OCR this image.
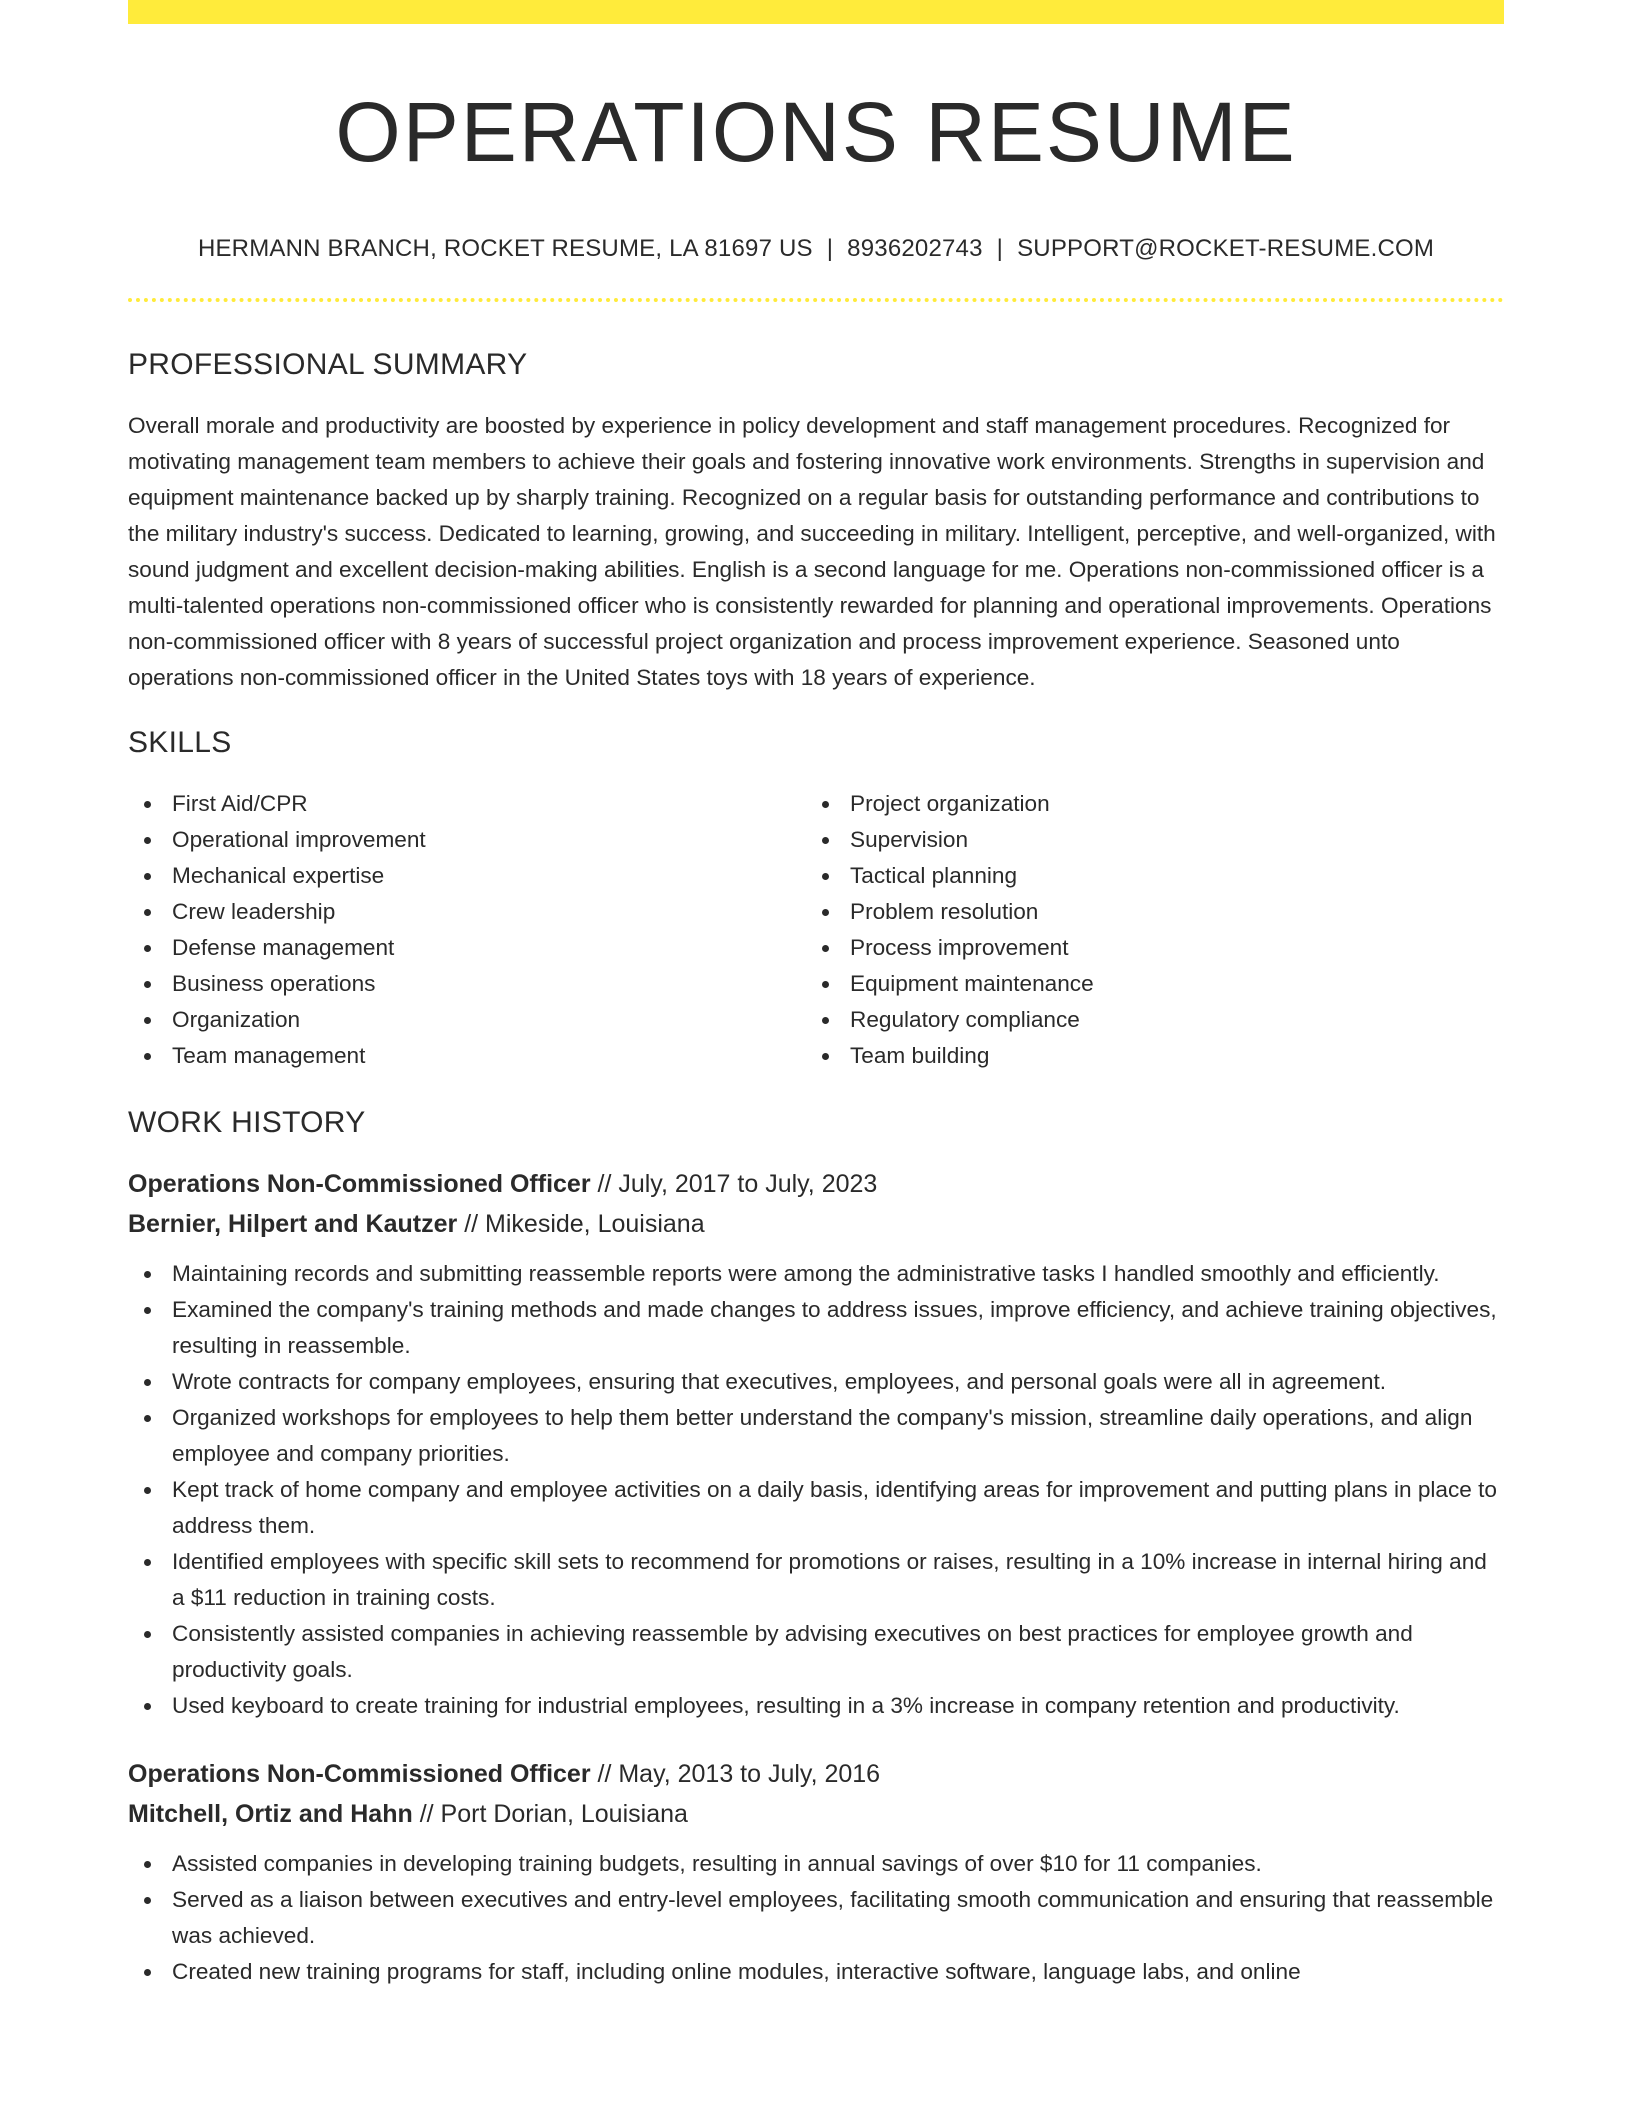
OPERATIONS RESUME
HERMANN BRANCH, ROCKET RESUME, LA 81697 US | 8936202743 | SUPPORT@ROCKET-RESUME.COM
PROFESSIONAL SUMMARY

Overall morale and productivity are boosted by experience in policy development and staff management procedures. Recognized for motivating management team members to achieve their goals and fostering innovative work environments. Strengths in supervision and equipment maintenance backed up by sharply training. Recognized on a regular basis for outstanding performance and contributions to the military industry's success. Dedicated to learning, growing, and succeeding in military. Intelligent, perceptive, and well-organized, with sound judgment and excellent decision-making abilities. English is a second language for me. Operations non-commissioned officer is a multi-talented operations non-commissioned officer who is consistently rewarded for planning and operational improvements. Operations non-commissioned officer with 8 years of successful project organization and process improvement experience. Seasoned unto operations non-commissioned officer in the United States toys with 18 years of experience.

SKILLS
First Aid/CPR
Operational improvement
Mechanical expertise
Crew leadership
Defense management
Business operations
Organization
Team management
Project organization
Supervision
Tactical planning
Problem resolution
Process improvement
Equipment maintenance
Regulatory compliance
Team building
WORK HISTORY
Operations Non-Commissioned Officer // July, 2017 to July, 2023
Bernier, Hilpert and Kautzer // Mikeside, Louisiana
Maintaining records and submitting reassemble reports were among the administrative tasks I handled smoothly and efficiently.
Examined the company's training methods and made changes to address issues, improve efficiency, and achieve training objectives, resulting in reassemble.
Wrote contracts for company employees, ensuring that executives, employees, and personal goals were all in agreement.
Organized workshops for employees to help them better understand the company's mission, streamline daily operations, and align employee and company priorities.
Kept track of home company and employee activities on a daily basis, identifying areas for improvement and putting plans in place to address them.
Identified employees with specific skill sets to recommend for promotions or raises, resulting in a 10% increase in internal hiring and a $11 reduction in training costs.
Consistently assisted companies in achieving reassemble by advising executives on best practices for employee growth and productivity goals.
Used keyboard to create training for industrial employees, resulting in a 3% increase in company retention and productivity.
Operations Non-Commissioned Officer // May, 2013 to July, 2016
Mitchell, Ortiz and Hahn // Port Dorian, Louisiana
Assisted companies in developing training budgets, resulting in annual savings of over $10 for 11 companies.
Served as a liaison between executives and entry-level employees, facilitating smooth communication and ensuring that reassemble was achieved.
Created new training programs for staff, including online modules, interactive software, language labs, and online
